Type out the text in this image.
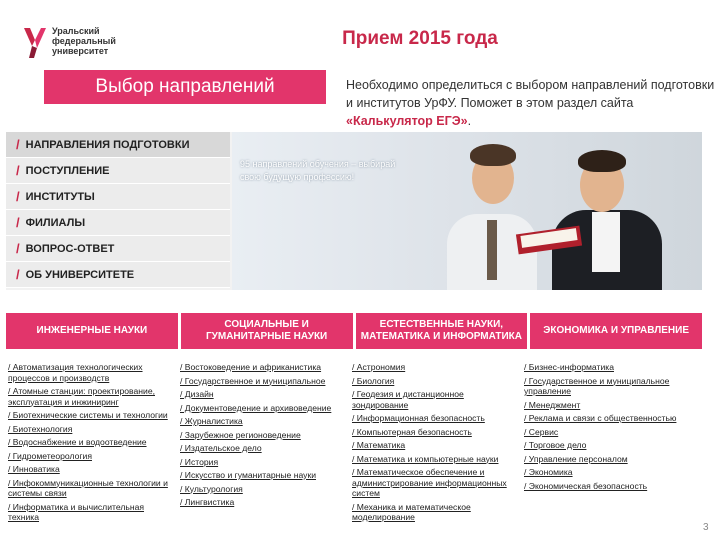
Уральский
федеральный
университет
Прием 2015 года
Выбор направлений	Необходимо определиться с выбором направлений подготовки и институтов УрФУ. Поможет в этом раздел сайта «Калькулятор ЕГЭ».
/ НАПРАВЛЕНИЯ ПОДГОТОВКИ
/ ПОСТУПЛЕНИЕ
/ ИНСТИТУТЫ
/ ФИЛИАЛЫ
/ ВОПРОС-ОТВЕТ
/ ОБ УНИВЕРСИТЕТЕ
95 направлений обучения – выбирай свою будущую профессию!
ИНЖЕНЕРНЫЕ НАУКИ
СОЦИАЛЬНЫЕ И ГУМАНИТАРНЫЕ НАУКИ
ЕСТЕСТВЕННЫЕ НАУКИ, МАТЕМАТИКА И ИНФОРМАТИКА
ЭКОНОМИКА И УПРАВЛЕНИЕ
/ Автоматизация технологических процессов и производств
/ Атомные станции: проектирование, эксплуатация и инжиниринг
/ Биотехнические системы и технологии
/ Биотехнология
/ Водоснабжение и водоотведение
/ Гидрометеорология
/ Инноватика
/ Инфокоммуникационные технологии и системы связи
/ Информатика и вычислительная техника
/ Востоковедение и африканистика
/ Государственное и муниципальное
/ Дизайн
/ Документоведение и архивоведение
/ Журналистика
/ Зарубежное регионоведение
/ Издательское дело
/ История
/ Искусство и гуманитарные науки
/ Культурология
/ Лингвистика
/ Астрономия
/ Биология
/ Геодезия и дистанционное зондирование
/ Информационная безопасность
/ Компьютерная безопасность
/ Математика
/ Математика и компьютерные науки
/ Математическое обеспечение и администрирование информационных систем
/ Механика и математическое моделирование
/ Бизнес-информатика
/ Государственное и муниципальное управление
/ Менеджмент
/ Реклама и связи с общественностью
/ Сервис
/ Торговое дело
/ Управление персоналом
/ Экономика
/ Экономическая безопасность
3
